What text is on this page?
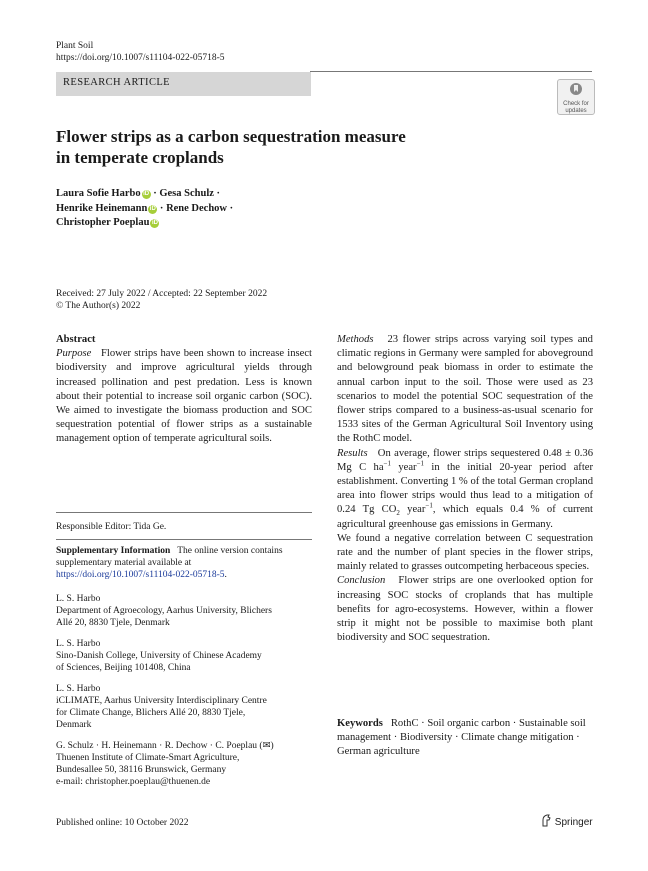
Plant Soil
https://doi.org/10.1007/s11104-022-05718-5
RESEARCH ARTICLE
Check for
updates
Flower strips as a carbon sequestration measure
in temperate croplands
Laura Sofie Harbo iD · Gesa Schulz ·
Henrike Heinemann iD · Rene Dechow ·
Christopher Poeplau iD
Received: 27 July 2022 / Accepted: 22 September 2022
© The Author(s) 2022
Abstract
Purpose Flower strips have been shown to increase insect biodiversity and improve agricultural yields through increased pollination and pest predation. Less is known about their potential to increase soil organic carbon (SOC). We aimed to investigate the biomass production and SOC sequestration potential of flower strips as a sustainable management option of temperate agricultural soils.
Methods 23 flower strips across varying soil types and climatic regions in Germany were sampled for aboveground and belowground peak biomass in order to estimate the annual carbon input to the soil. Those were used as 23 scenarios to model the potential SOC sequestration of the flower strips compared to a business-as-usual scenario for 1533 sites of the German Agricultural Soil Inventory using the RothC model.
Results On average, flower strips sequestered 0.48 ± 0.36 Mg C $ha^{-1}$ year$^{-1}$ in the initial 20-year period after establishment. Converting 1 % of the total German cropland area into flower strips would thus lead to a mitigation of 0.24 Tg $CO_2$ year$^{-1}$, which equals 0.4 % of current agricultural greenhouse gas emissions in Germany.
We found a negative correlation between C sequestration rate and the number of plant species in the flower strips, mainly related to grasses outcompeting herbaceous species.
Conclusion Flower strips are one overlooked option for increasing SOC stocks of croplands that has multiple benefits for agro-ecosystems. However, within a flower strip it might not be possible to maximise both plant biodiversity and SOC sequestration.
Keywords RothC · Soil organic carbon · Sustainable soil management · Biodiversity · Climate change mitigation · German agriculture
Responsible Editor: Tida Ge.
Supplementary Information The online version contains supplementary material available at https://doi.org/10.1007/s11104-022-05718-5.
L. S. Harbo
Department of Agroecology, Aarhus University, Blichers
Allé 20, 8830 Tjele, Denmark
L. S. Harbo
Sino-Danish College, University of Chinese Academy
of Sciences, Beijing 101408, China
L. S. Harbo
iCLIMATE, Aarhus University Interdisciplinary Centre
for Climate Change, Blichers Allé 20, 8830 Tjele,
Denmark
G. Schulz · H. Heinemann · R. Dechow · C. Poeplau (✉)
Thuenen Institute of Climate-Smart Agriculture,
Bundesallee 50, 38116 Brunswick, Germany
e-mail: christopher.poeplau@thuenen.de
Published online: 10 October 2022	Springer
